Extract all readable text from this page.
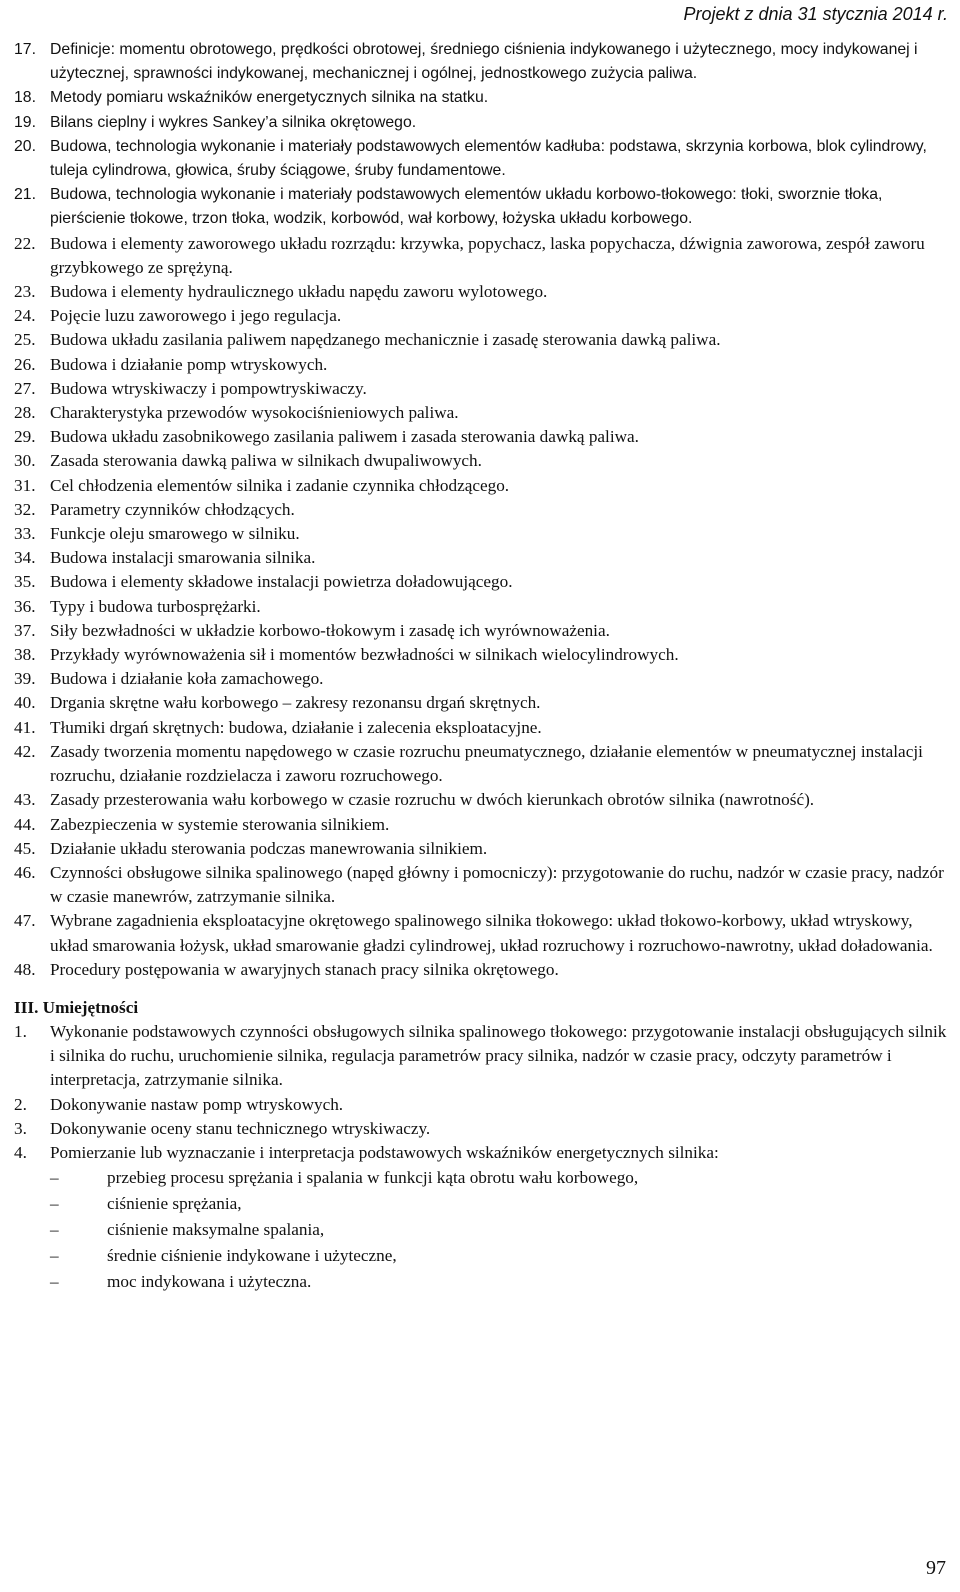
Projekt z dnia 31 stycznia 2014 r.
17. Definicje: momentu obrotowego, prędkości obrotowej, średniego ciśnienia indykowanego i użytecznego, mocy indykowanej i użytecznej, sprawności indykowanej, mechanicznej i ogólnej, jednostkowego zużycia paliwa.
18. Metody pomiaru wskaźników energetycznych silnika na statku.
19. Bilans cieplny i wykres Sankey’a silnika okrętowego.
20. Budowa, technologia wykonanie i materiały podstawowych elementów kadłuba: podstawa, skrzynia korbowa, blok cylindrowy, tuleja cylindrowa, głowica, śruby ściągowe, śruby fundamentowe.
21. Budowa, technologia wykonanie i materiały podstawowych elementów układu korbowo-tłokowego: tłoki, sworznie tłoka, pierścienie tłokowe, trzon tłoka, wodzik, korbowód, wał korbowy, łożyska układu korbowego.
22. Budowa i elementy zaworowego układu rozrządu: krzywka, popychacz, laska popychacza, dźwignia zaworowa, zespół zaworu grzybkowego ze sprężyną.
23. Budowa i elementy hydraulicznego układu napędu zaworu wylotowego.
24. Pojęcie luzu zaworowego i jego regulacja.
25. Budowa układu zasilania paliwem napędzanego mechanicznie i zasadę sterowania dawką paliwa.
26. Budowa i działanie pomp wtryskowych.
27. Budowa wtryskiwaczy i pompowtryskiwaczy.
28. Charakterystyka przewodów wysokociśnieniowych paliwa.
29. Budowa układu zasobnikowego zasilania paliwem i zasada sterowania dawką paliwa.
30. Zasada sterowania dawką paliwa w silnikach dwupaliwowych.
31. Cel chłodzenia elementów silnika i zadanie czynnika chłodzącego.
32. Parametry czynników chłodzących.
33. Funkcje oleju smarowego w silniku.
34. Budowa instalacji smarowania silnika.
35. Budowa i elementy składowe instalacji powietrza doładowującego.
36. Typy i budowa turbosprężarki.
37. Siły bezwładności w układzie korbowo-tłokowym i zasadę ich wyrównoważenia.
38. Przykłady wyrównoważenia sił i momentów bezwładności w silnikach wielocylindrowych.
39. Budowa i działanie koła zamachowego.
40. Drgania skrętne wału korbowego ‒ zakresy rezonansu drgań skrętnych.
41. Tłumiki drgań skrętnych: budowa, działanie i zalecenia eksploatacyjne.
42. Zasady tworzenia momentu napędowego w czasie rozruchu pneumatycznego, działanie elementów w pneumatycznej instalacji rozruchu, działanie rozdzielacza i zaworu rozruchowego.
43. Zasady przesterowania wału korbowego w czasie rozruchu w dwóch kierunkach obrotów silnika (nawrotność).
44. Zabezpieczenia w systemie sterowania silnikiem.
45. Działanie układu sterowania podczas manewrowania silnikiem.
46. Czynności obsługowe silnika spalinowego (napęd główny i pomocniczy): przygotowanie do ruchu, nadzór w czasie pracy, nadzór w czasie manewrów, zatrzymanie silnika.
47. Wybrane zagadnienia eksploatacyjne okrętowego spalinowego silnika tłokowego: układ tłokowo-korbowy, układ wtryskowy, układ smarowania łożysk, układ smarowanie gładzi cylindrowej, układ rozruchowy i rozruchowo-nawrotny, układ doładowania.
48. Procedury postępowania w awaryjnych stanach pracy silnika okrętowego.
III. Umiejętności
1.	Wykonanie podstawowych czynności obsługowych silnika spalinowego tłokowego: przygotowanie instalacji obsługujących silnik i silnika do ruchu, uruchomienie silnika, regulacja parametrów pracy silnika, nadzór w czasie pracy, odczyty parametrów i interpretacja, zatrzymanie silnika.
2.	Dokonywanie nastaw pomp wtryskowych.
3.	Dokonywanie oceny stanu technicznego wtryskiwaczy.
4.	Pomierzanie lub wyznaczanie i interpretacja podstawowych wskaźników energetycznych silnika:
‒	przebieg procesu sprężania i spalania w funkcji kąta obrotu wału korbowego,
‒	ciśnienie sprężania,
‒	ciśnienie maksymalne spalania,
‒	średnie ciśnienie indykowane i użyteczne,
‒	moc indykowana i użyteczna.
97
